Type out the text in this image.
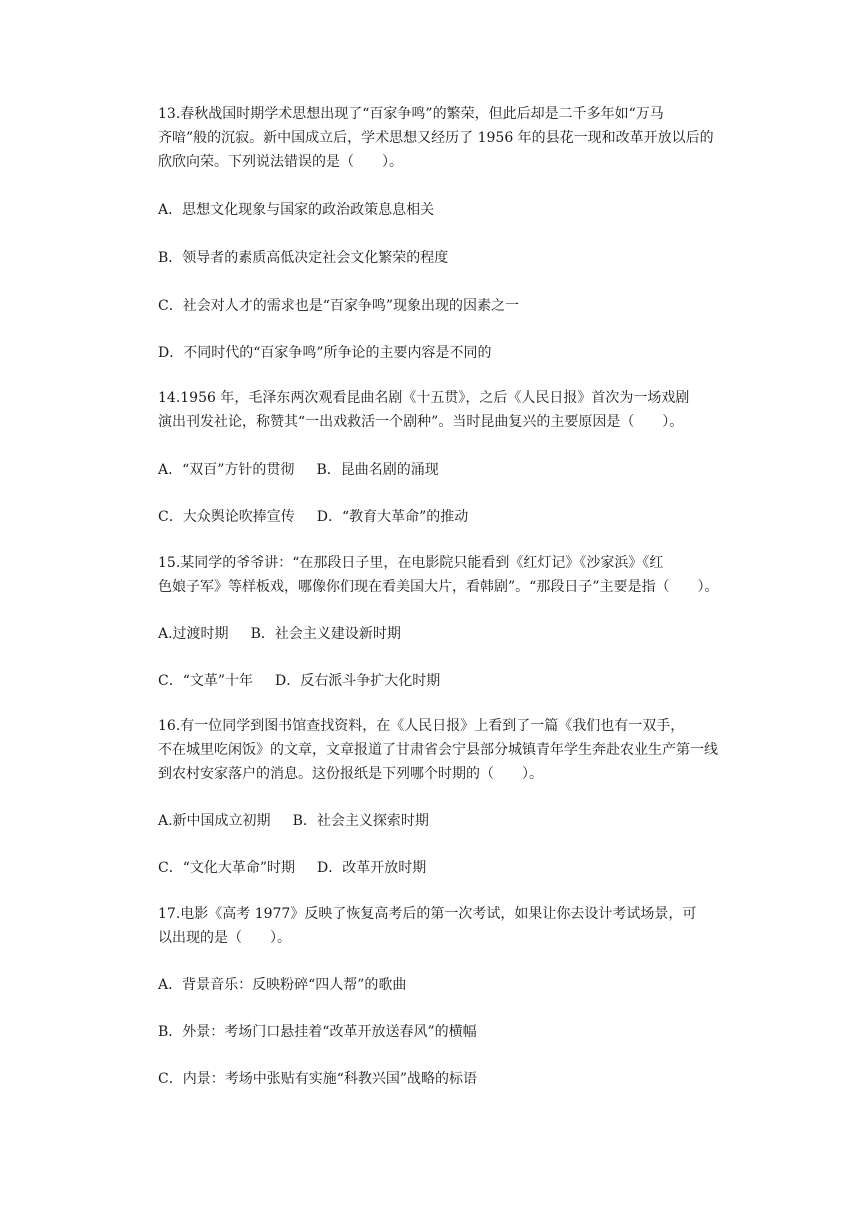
13.春秋战国时期学术思想出现了“百家争鸣”的繁荣，但此后却是二千多年如“万马
齐喑”般的沉寂。新中国成立后，学术思想又经历了 1956 年的县花一现和改革开放以后的
欣欣向荣。下列说法错误的是（　　）。
A．思想文化现象与国家的政治政策息息相关
B．领导者的素质高低决定社会文化繁荣的程度
C．社会对人才的需求也是“百家争鸣”现象出现的因素之一
D．不同时代的“百家争鸣”所争论的主要内容是不同的
14.1956 年，毛泽东两次观看昆曲名剧《十五贯》，之后《人民日报》首次为一场戏剧
演出刊发社论，称赞其“一出戏救活一个剧种”。当时昆曲复兴的主要原因是（　　）。
A．“双百”方针的贯彻 B．昆曲名剧的涌现
C．大众舆论吹捧宣传 D．“教育大革命”的推动
15.某同学的爷爷讲：“在那段日子里，在电影院只能看到《红灯记》《沙家浜》《红
色娘子军》等样板戏，哪像你们现在看美国大片，看韩剧”。“那段日子”主要是指（　　）。
A.过渡时期 B．社会主义建设新时期
C．“文革”十年 D．反右派斗争扩大化时期
16.有一位同学到图书馆查找资料，在《人民日报》上看到了一篇《我们也有一双手，
不在城里吃闲饭》的文章，文章报道了甘肃省会宁县部分城镇青年学生奔赴农业生产第一线
到农村安家落户的消息。这份报纸是下列哪个时期的（　　）。
A.新中国成立初期 B．社会主义探索时期
C．“文化大革命”时期 D．改革开放时期
17.电影《高考 1977》反映了恢复高考后的第一次考试，如果让你去设计考试场景，可
以出现的是（　　）。
A．背景音乐：反映粉碎“四人帮”的歌曲
B．外景：考场门口悬挂着“改革开放送春风”的横幅
C．内景：考场中张贴有实施“科教兴国”战略的标语
